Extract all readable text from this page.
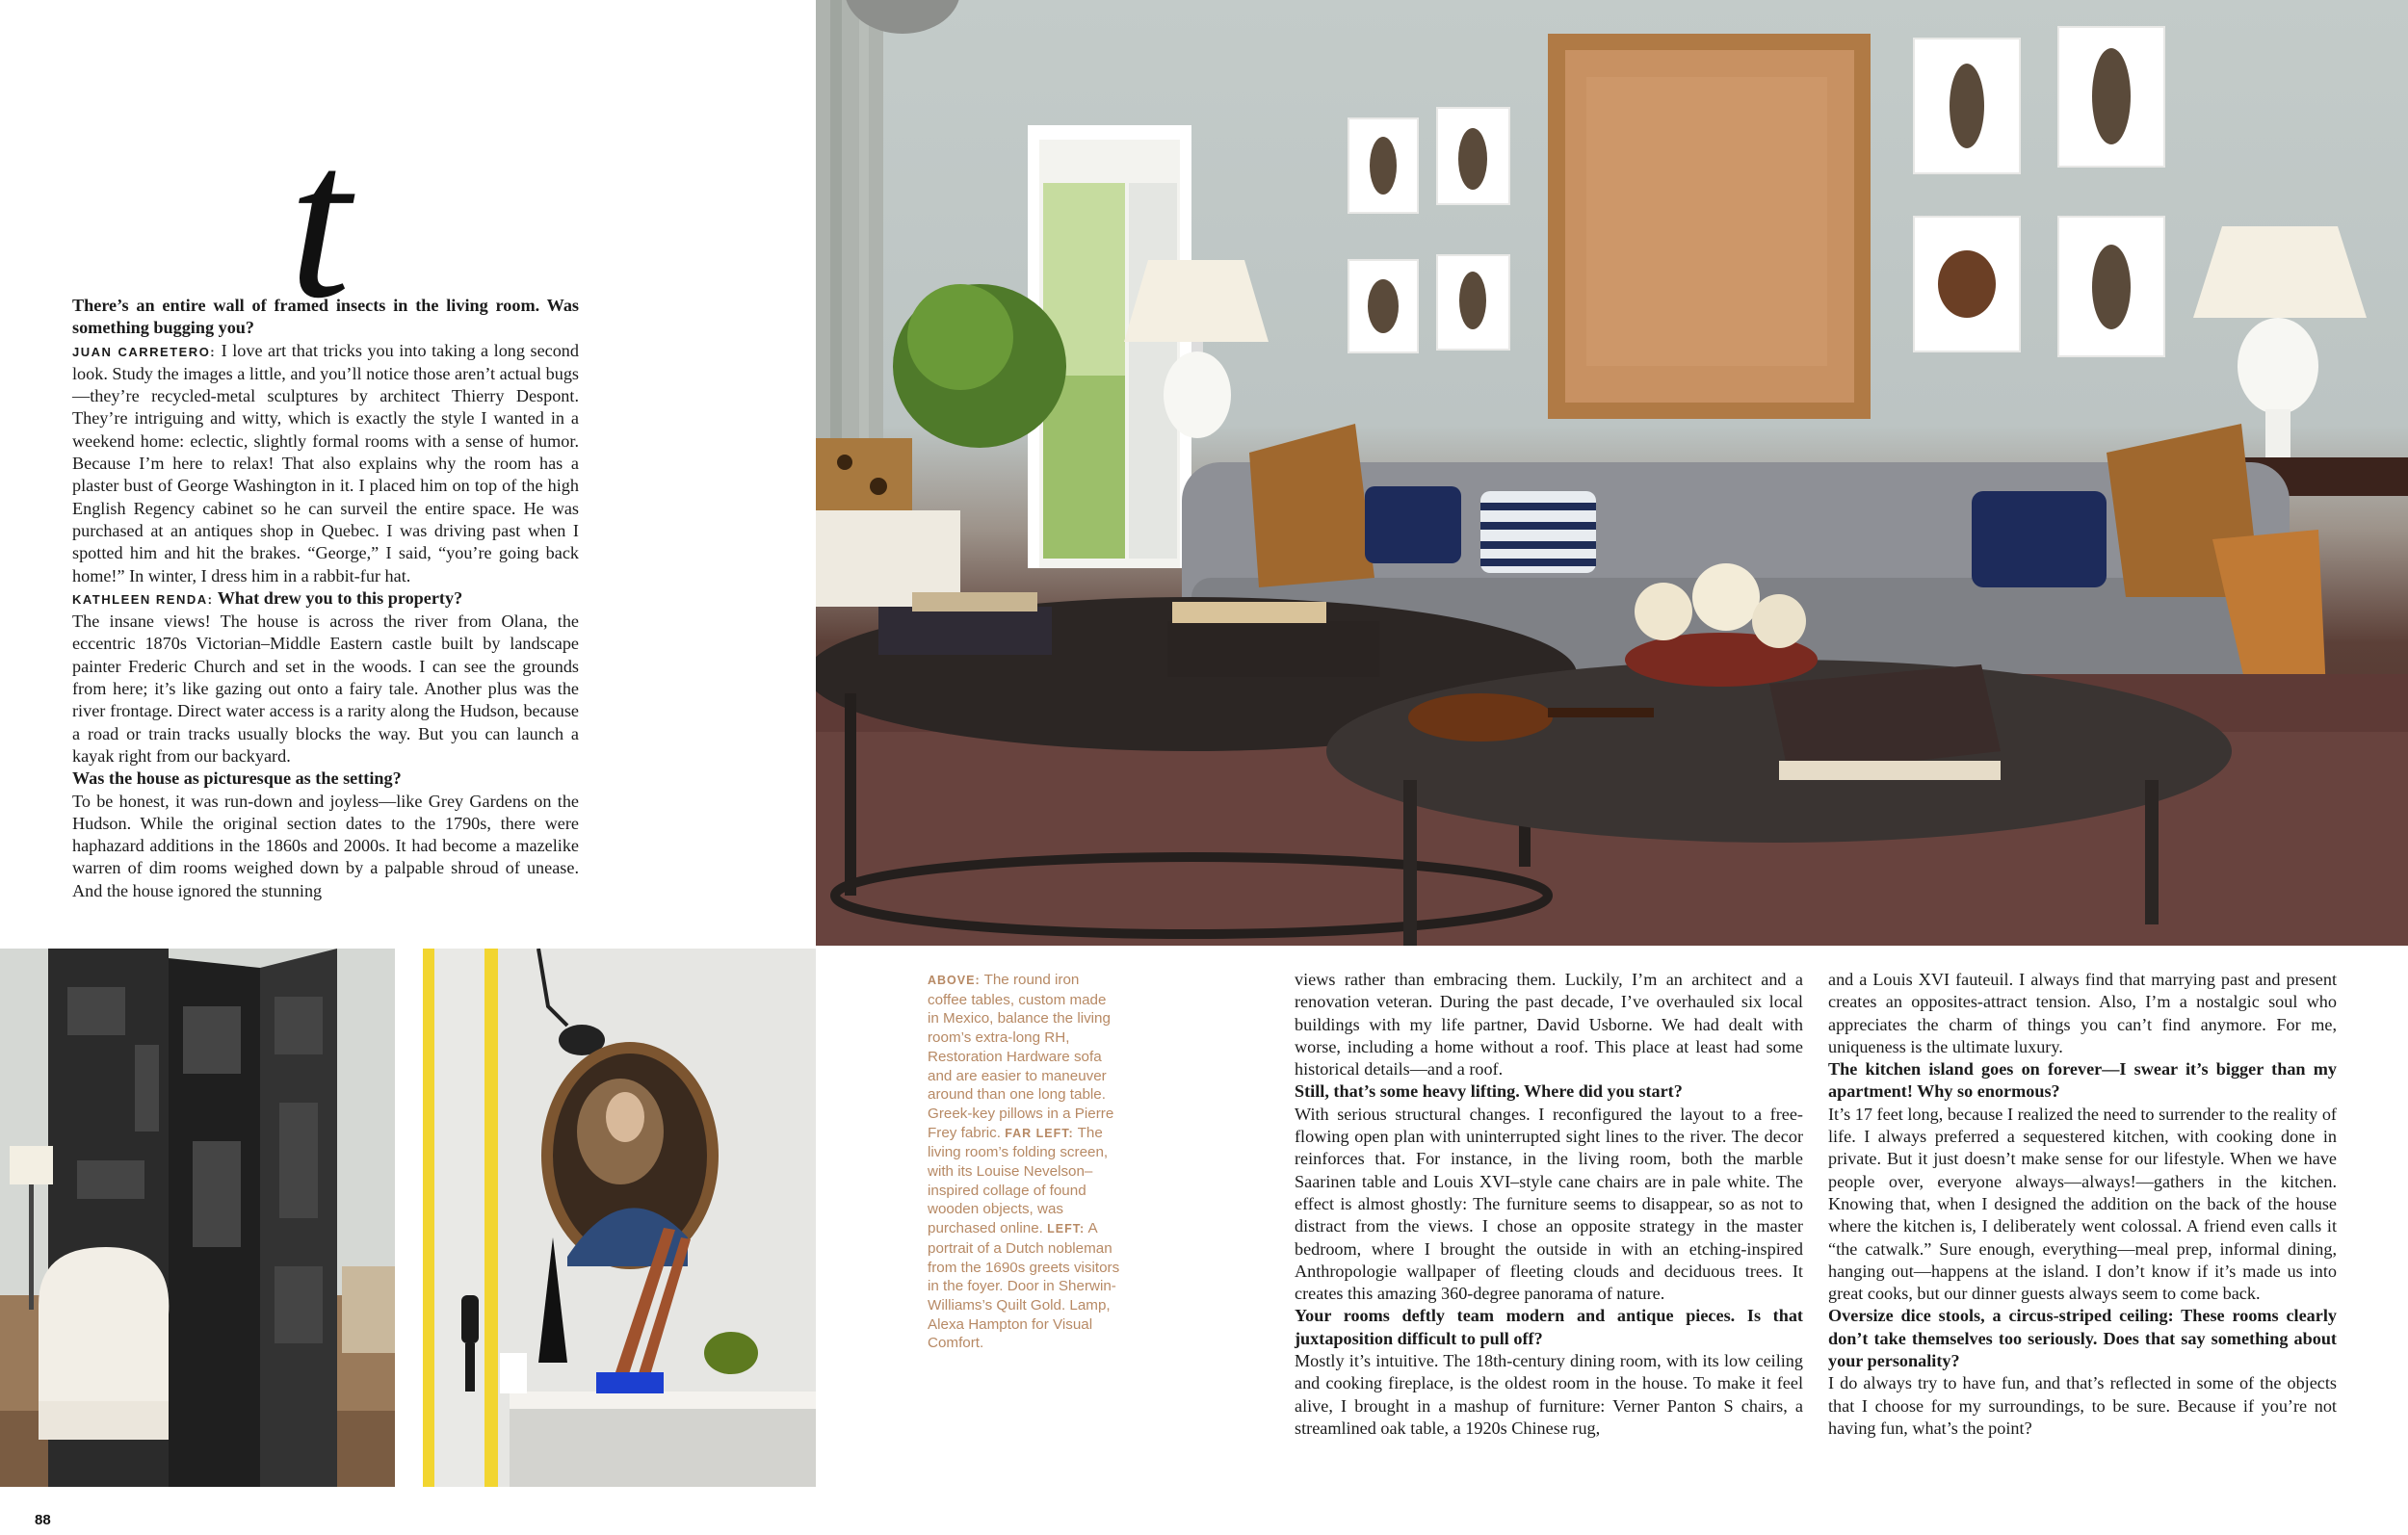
t

There’s an entire wall of framed insects in the living room. Was something bugging you?

JUAN CARRETERO: I love art that tricks you into taking a long second look. Study the images a little, and you’ll notice those aren’t actual bugs—they’re recycled-metal sculptures by architect Thierry Despont. They’re intriguing and witty, which is exactly the style I wanted in a weekend home: eclectic, slightly formal rooms with a sense of humor. Because I’m here to relax! That also explains why the room has a plaster bust of George Washington in it. I placed him on top of the high English Regency cabinet so he can surveil the entire space. He was purchased at an antiques shop in Quebec. I was driving past when I spotted him and hit the brakes. “George,” I said, “you’re going back home!” In winter, I dress him in a rabbit-fur hat.

KATHLEEN RENDA: What drew you to this property?

The insane views! The house is across the river from Olana, the eccentric 1870s Victorian–Middle Eastern castle built by landscape painter Frederic Church and set in the woods. I can see the grounds from here; it’s like gazing out onto a fairy tale. Another plus was the river frontage. Direct water access is a rarity along the Hudson, because a road or train tracks usually blocks the way. But you can launch a kayak right from our backyard.

Was the house as picturesque as the setting?

To be honest, it was run-down and joyless—like Grey Gardens on the Hudson. While the original section dates to the 1790s, there were haphazard additions in the 1860s and 2000s. It had become a mazelike warren of dim rooms weighed down by a palpable shroud of unease. And the house ignored the stunning

views rather than embracing them. Luckily, I’m an architect and a renovation veteran. During the past decade, I’ve overhauled six local buildings with my life partner, David Usborne. We had dealt with worse, including a home without a roof. This place at least had some historical details—and a roof.

Still, that’s some heavy lifting. Where did you start?

With serious structural changes. I reconfigured the layout to a free-flowing open plan with uninterrupted sight lines to the river. The decor reinforces that. For instance, in the living room, both the marble Saarinen table and Louis XVI–style cane chairs are in pale white. The effect is almost ghostly: The furniture seems to disappear, so as not to distract from the views. I chose an opposite strategy in the master bedroom, where I brought the outside in with an etching-inspired Anthropologie wallpaper of fleeting clouds and deciduous trees. It creates this amazing 360-degree panorama of nature.

Your rooms deftly team modern and antique pieces. Is that juxtaposition difficult to pull off?

Mostly it’s intuitive. The 18th-century dining room, with its low ceiling and cooking fireplace, is the oldest room in the house. To make it feel alive, I brought in a mashup of furniture: Verner Panton S chairs, a streamlined oak table, a 1920s Chinese rug,

and a Louis XVI fauteuil. I always find that marrying past and present creates an opposites-attract tension. Also, I’m a nostalgic soul who appreciates the charm of things you can’t find anymore. For me, uniqueness is the ultimate luxury.

The kitchen island goes on forever—I swear it’s bigger than my apartment! Why so enormous?

It’s 17 feet long, because I realized the need to surrender to the reality of life. I always preferred a sequestered kitchen, with cooking done in private. But it just doesn’t make sense for our lifestyle. When we have people over, everyone always—always!—gathers in the kitchen. Knowing that, when I designed the addition on the back of the house where the kitchen is, I deliberately went colossal. A friend even calls it “the catwalk.” Sure enough, everything—meal prep, informal dining, hanging out—happens at the island. I don’t know if it’s made us into great cooks, but our dinner guests always seem to come back.

Oversize dice stools, a circus-striped ceiling: These rooms clearly don’t take themselves too seriously. Does that say something about your personality?

I do always try to have fun, and that’s reflected in some of the objects that I choose for my surroundings, to be sure. Because if you’re not having fun, what’s the point?

ABOVE: The round iron coffee tables, custom made in Mexico, balance the living room’s extra-long RH, Restoration Hardware sofa and are easier to maneuver around than one long table. Greek-key pillows in a Pierre Frey fabric. FAR LEFT: The living room’s folding screen, with its Louise Nevelson–inspired collage of found wooden objects, was purchased online. LEFT: A portrait of a Dutch nobleman from the 1690s greets visitors in the foyer. Door in Sherwin-Williams’s Quilt Gold. Lamp, Alexa Hampton for Visual Comfort.
88
